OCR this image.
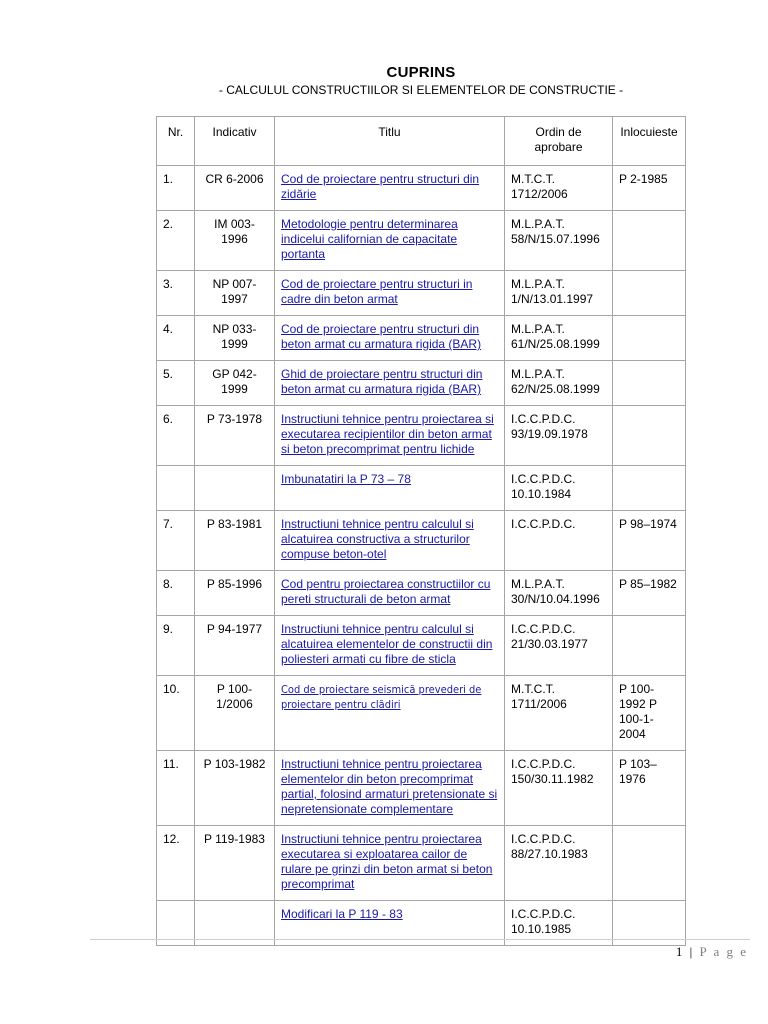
CUPRINS
- CALCULUL CONSTRUCTIILOR SI ELEMENTELOR DE CONSTRUCTIE -
Nr.	Indicativ	Titlu	Ordin de aprobare	Inlocuieste
1.	CR 6-2006	Cod de proiectare pentru structuri din zidărie	M.T.C.T. 1712/2006	P 2-1985
2.	IM 003-1996	Metodologie pentru determinarea indicelui californian de capacitate portanta	M.L.P.A.T. 58/N/15.07.1996	
3.	NP 007-1997	Cod de proiectare pentru structuri in cadre din beton armat	M.L.P.A.T. 1/N/13.01.1997	
4.	NP 033-1999	Cod de proiectare pentru structuri din beton armat cu armatura rigida (BAR)	M.L.P.A.T. 61/N/25.08.1999	
5.	GP 042-1999	Ghid de proiectare pentru structuri din beton armat cu armatura rigida (BAR)	M.L.P.A.T. 62/N/25.08.1999	
6.	P 73-1978	Instructiuni tehnice pentru proiectarea si executarea recipientilor din beton armat si beton precomprimat pentru lichide	I.C.C.P.D.C. 93/19.09.1978	
		Imbunatatiri la P 73 – 78	I.C.C.P.D.C. 10.10.1984	
7.	P 83-1981	Instructiuni tehnice pentru calculul si alcatuirea constructiva a structurilor compuse beton-otel	I.C.C.P.D.C.	P 98–1974
8.	P 85-1996	Cod pentru proiectarea constructiilor cu pereti structurali de beton armat	M.L.P.A.T. 30/N/10.04.1996	P 85–1982
9.	P 94-1977	Instructiuni tehnice pentru calculul si alcatuirea elementelor de constructii din poliesteri armati cu fibre de sticla	I.C.C.P.D.C. 21/30.03.1977	
10.	P 100-1/2006	Cod de proiectare seismică prevederi de proiectare pentru clădiri	M.T.C.T. 1711/2006	P 100-1992 P 100-1-2004
11.	P 103-1982	Instructiuni tehnice pentru proiectarea elementelor din beton precomprimat partial, folosind armaturi pretensionate si nepretensionate complementare	I.C.C.P.D.C. 150/30.11.1982	P 103–1976
12.	P 119-1983	Instructiuni tehnice pentru proiectarea executarea si exploatarea cailor de rulare pe grinzi din beton armat si beton precomprimat	I.C.C.P.D.C. 88/27.10.1983	
		Modificari la P 119 - 83	I.C.C.P.D.C. 10.10.1985	
1 | P a g e
